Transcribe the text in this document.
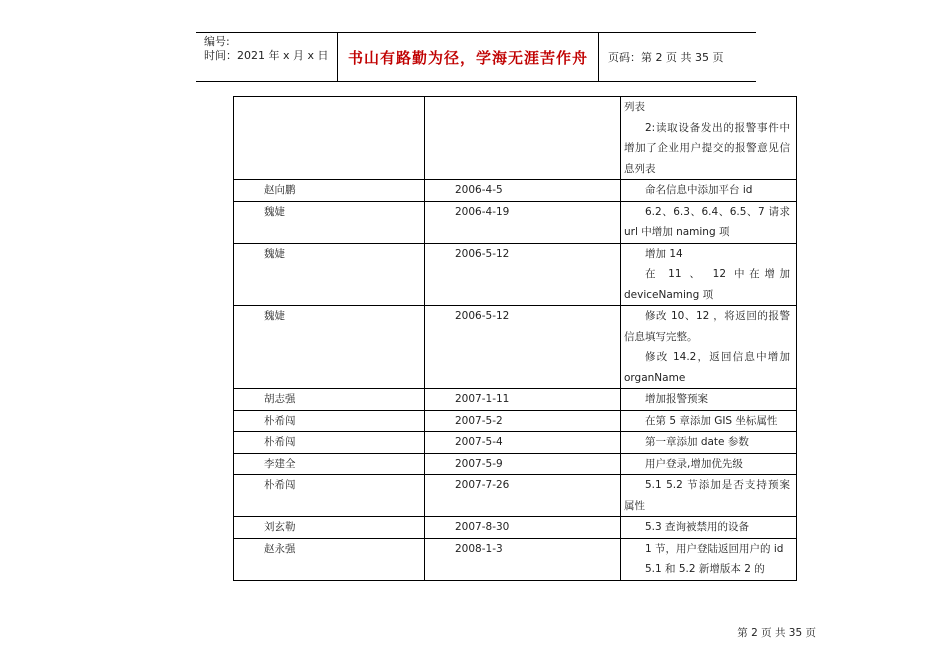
编号:
时间：2021 年 x 月 x 日	书山有路勤为径，学海无涯苦作舟	页码：第 2 页 共 35 页

		列表
2:读取设备发出的报警事件中增加了企业用户提交的报警意见信息列表

赵向鹏	2006-4-5	命名信息中添加平台 id

魏婕	2006-4-19	6.2、6.3、6.4、6.5、7 请求 url 中增加 naming 项

魏婕	2006-5-12	增加 14
在 11 、 12 中在增加 deviceNaming 项

魏婕	2006-5-12	修改 10、12 ，将返回的报警信息填写完整。
修改 14.2，返回信息中增加 organName

胡志强	2007-1-11	增加报警预案

朴希闯	2007-5-2	在第 5 章添加 GIS 坐标属性

朴希闯	2007-5-4	第一章添加 date 参数

李建全	2007-5-9	用户登录,增加优先级

朴希闯	2007-7-26	5.1 5.2 节添加是否支持预案属性

刘玄勒	2007-8-30	5.3 查询被禁用的设备

赵永强	2008-1-3	1 节，用户登陆返回用户的 id
5.1 和 5.2 新增版本 2 的
第 2 页 共 35 页
